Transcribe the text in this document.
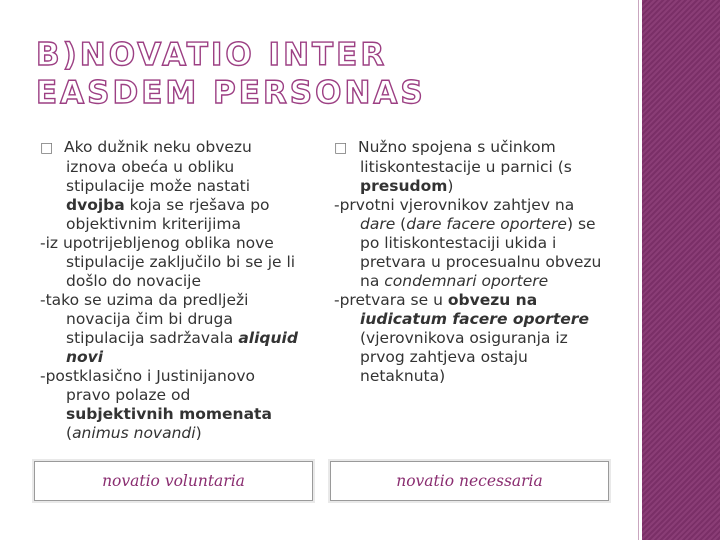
B)NOVATIO INTER EASDEM PERSONAS

□ Ako dužnik neku obvezu iznova obeća u obliku stipulacije može nastati dvojba koja se rješava po objektivnim kriterijima

-iz upotrijebljenog oblika nove stipulacije zaključilo bi se je li došlo do novacije

-tako se uzima da predlježi novacija čim bi druga stipulacija sadržavala aliquid novi

-postklasično i Justinijanovo pravo polaze od subjektivnih momenata (animus novandi)

□ Nužno spojena s učinkom litiskontestacije u parnici (s presudom)

-prvotni vjerovnikov zahtjev na dare (dare facere oportere) se po litiskontestaciji ukida i pretvara u procesualnu obvezu na condemnari oportere

-pretvara se u obvezu na iudicatum facere oportere (vjerovnikova osiguranja iz prvog zahtjeva ostaju netaknuta)

novatio voluntaria	novatio necessaria
